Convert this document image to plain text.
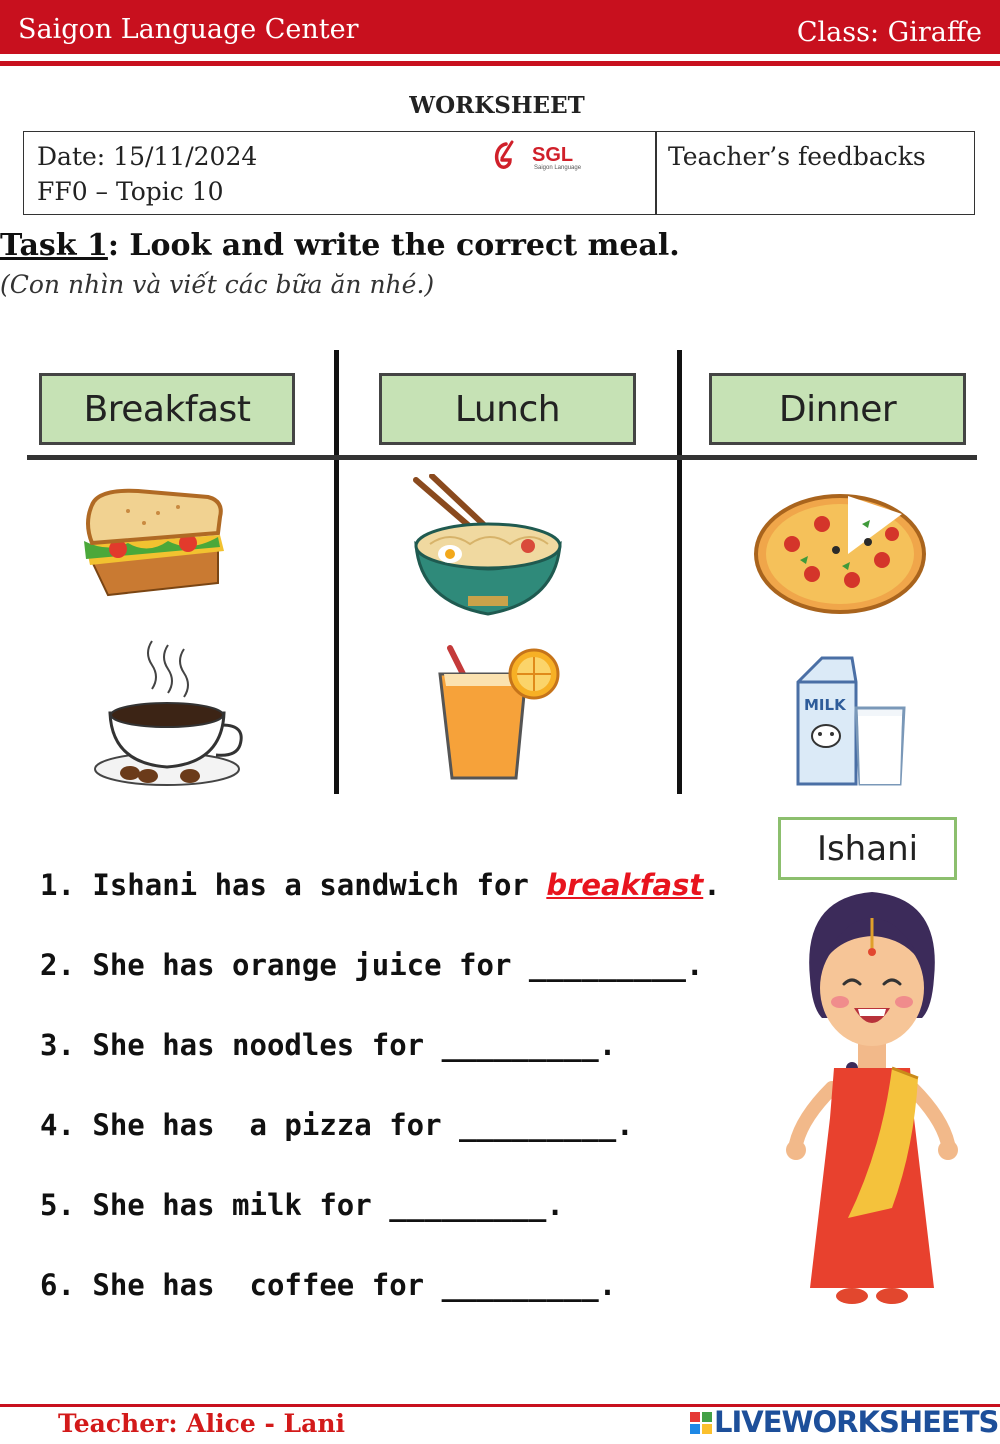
Saigon Language Center	Class: Giraffe
WORKSHEET
Date: 15/11/2024
FF0 – Topic 10
Teacher’s feedbacks
SGL
Saigon Language
Task 1: Look and write the correct meal.
(Con nhìn và viết các bữa ăn nhé.)
Breakfast	Lunch	Dinner
MILK
1. Ishani has a sandwich for breakfast.
2. She has orange juice for _________.
3. She has noodles for _________.
4. She has  a pizza for _________.
5. She has milk for _________.
6. She has  coffee for _________.
Ishani
Teacher: Alice - Lani	LIVEWORKSHEETS
